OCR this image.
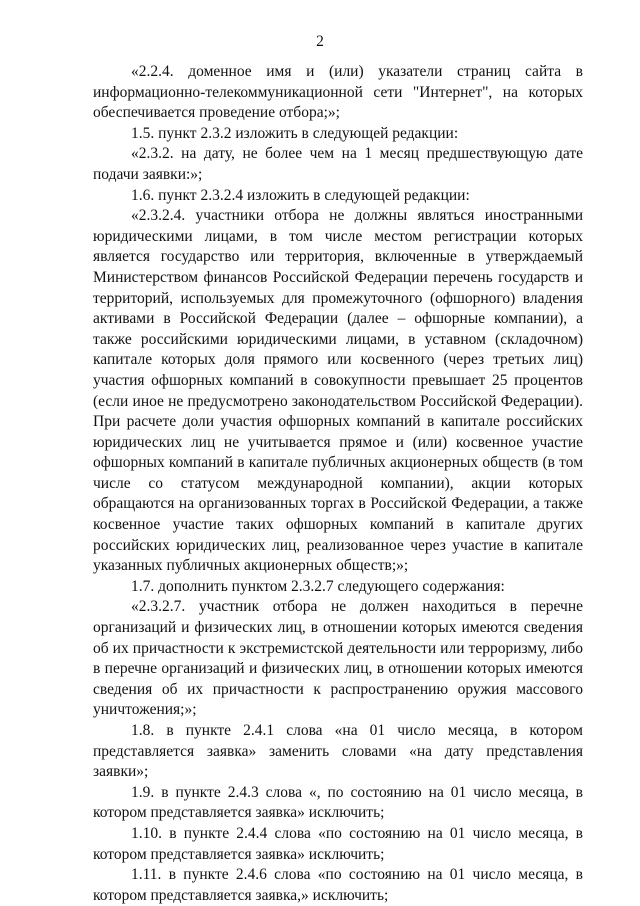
2

«2.2.4. доменное имя и (или) указатели страниц сайта в информационно-телекоммуникационной сети "Интернет", на которых обеспечивается проведение отбора;»;

1.5. пункт 2.3.2 изложить в следующей редакции:

«2.3.2. на дату, не более чем на 1 месяц предшествующую дате подачи заявки:»;

1.6. пункт 2.3.2.4 изложить в следующей редакции:

«2.3.2.4. участники отбора не должны являться иностранными юридическими лицами, в том числе местом регистрации которых является государство или территория, включенные в утверждаемый Министерством финансов Российской Федерации перечень государств и территорий, используемых для промежуточного (офшорного) владения активами в Российской Федерации (далее – офшорные компании), а также российскими юридическими лицами, в уставном (складочном) капитале которых доля прямого или косвенного (через третьих лиц) участия офшорных компаний в совокупности превышает 25 процентов (если иное не предусмотрено законодательством Российской Федерации). При расчете доли участия офшорных компаний в капитале российских юридических лиц не учитывается прямое и (или) косвенное участие офшорных компаний в капитале публичных акционерных обществ (в том числе со статусом международной компании), акции которых обращаются на организованных торгах в Российской Федерации, а также косвенное участие таких офшорных компаний в капитале других российских юридических лиц, реализованное через участие в капитале указанных публичных акционерных обществ;»;

1.7. дополнить пунктом 2.3.2.7 следующего содержания:

«2.3.2.7. участник отбора не должен находиться в перечне организаций и физических лиц, в отношении которых имеются сведения об их причастности к экстремистской деятельности или терроризму, либо в перечне организаций и физических лиц, в отношении которых имеются сведения об их причастности к распространению оружия массового уничтожения;»;

1.8. в пункте 2.4.1 слова «на 01 число месяца, в котором представляется заявка» заменить словами «на дату представления заявки»;

1.9. в пункте 2.4.3 слова «, по состоянию на 01 число месяца, в котором представляется заявка» исключить;

1.10. в пункте 2.4.4 слова «по состоянию на 01 число месяца, в котором представляется заявка» исключить;

1.11. в пункте 2.4.6 слова «по состоянию на 01 число месяца, в котором представляется заявка,» исключить;
